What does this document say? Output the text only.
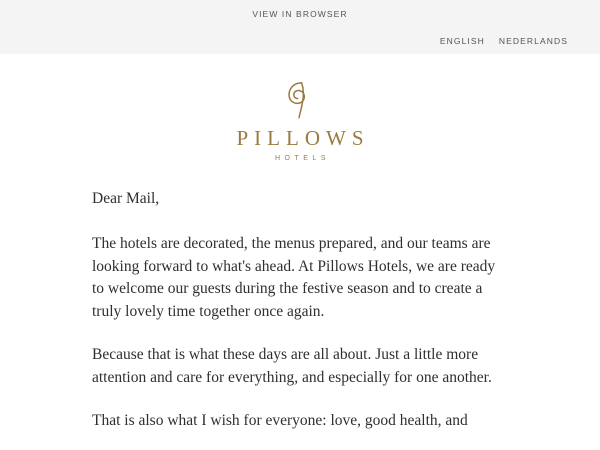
VIEW IN BROWSER
ENGLISH NEDERLANDS
PILLOWS
HOTELS

Dear Mail,

The hotels are decorated, the menus prepared, and our teams are looking forward to what's ahead. At Pillows Hotels, we are ready to welcome our guests during the festive season and to create a truly lovely time together once again.

Because that is what these days are all about. Just a little more attention and care for everything, and especially for one another.

That is also what I wish for everyone: love, good health, and
